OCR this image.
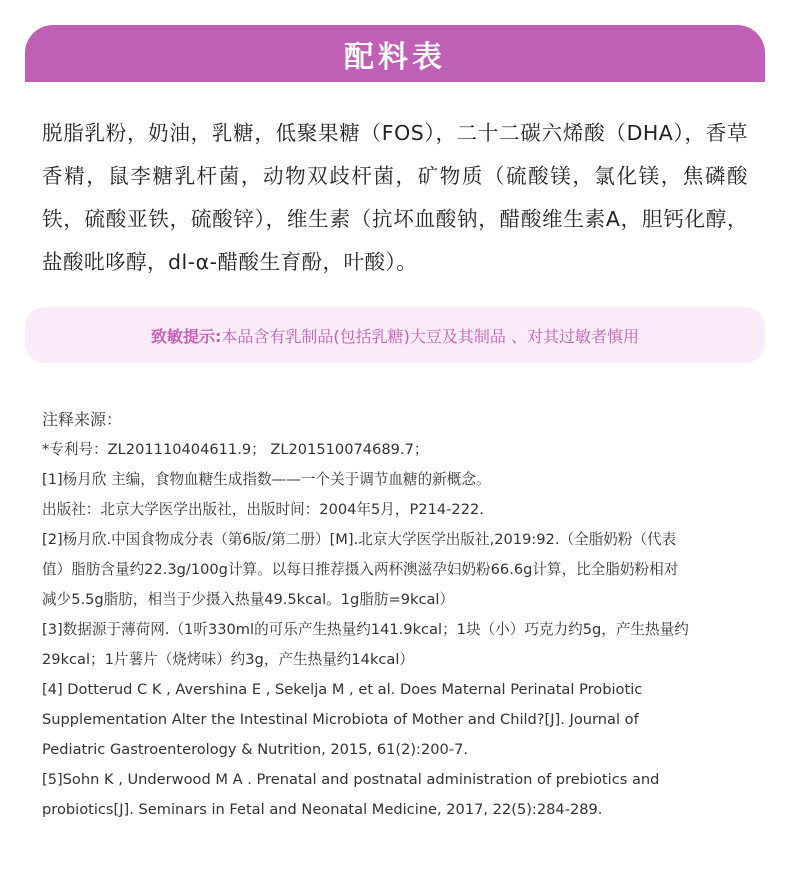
配料表
脱脂乳粉，奶油，乳糖，低聚果糖（FOS），二十二碳六烯酸（DHA），香草香精，鼠李糖乳杆菌，动物双歧杆菌，矿物质（硫酸镁，氯化镁，焦磷酸铁，硫酸亚铁，硫酸锌），维生素（抗坏血酸钠，醋酸维生素A，胆钙化醇，盐酸吡哆醇，dl-α-醋酸生育酚，叶酸）。
致敏提示: 本品含有乳制品(包括乳糖)大豆及其制品 、对其过敏者慎用
注释来源：
*专利号：ZL201110404611.9； ZL201510074689.7；
[1]杨月欣 主编，食物血糖生成指数——一个关于调节血糖的新概念。
出版社：北京大学医学出版社，出版时间：2004年5月，P214-222.
[2]杨月欣.中国食物成分表（第6版/第二册）[M].北京大学医学出版社,2019:92.（全脂奶粉（代表
值）脂肪含量约22.3g/100g计算。以每日推荐摄入两杯澳滋孕妇奶粉66.6g计算，比全脂奶粉相对
减少5.5g脂肪，相当于少摄入热量49.5kcal。1g脂肪=9kcal）
[3]数据源于薄荷网.（1听330ml的可乐产生热量约141.9kcal；1块（小）巧克力约5g，产生热量约
29kcal；1片薯片（烧烤味）约3g，产生热量约14kcal）
[4] Dotterud C K , Avershina E , Sekelja M , et al. Does Maternal Perinatal Probiotic
Supplementation Alter the Intestinal Microbiota of Mother and Child?[J]. Journal of
Pediatric Gastroenterology & Nutrition, 2015, 61(2):200-7.
[5]Sohn K , Underwood M A . Prenatal and postnatal administration of prebiotics and
probiotics[J]. Seminars in Fetal and Neonatal Medicine, 2017, 22(5):284-289.
